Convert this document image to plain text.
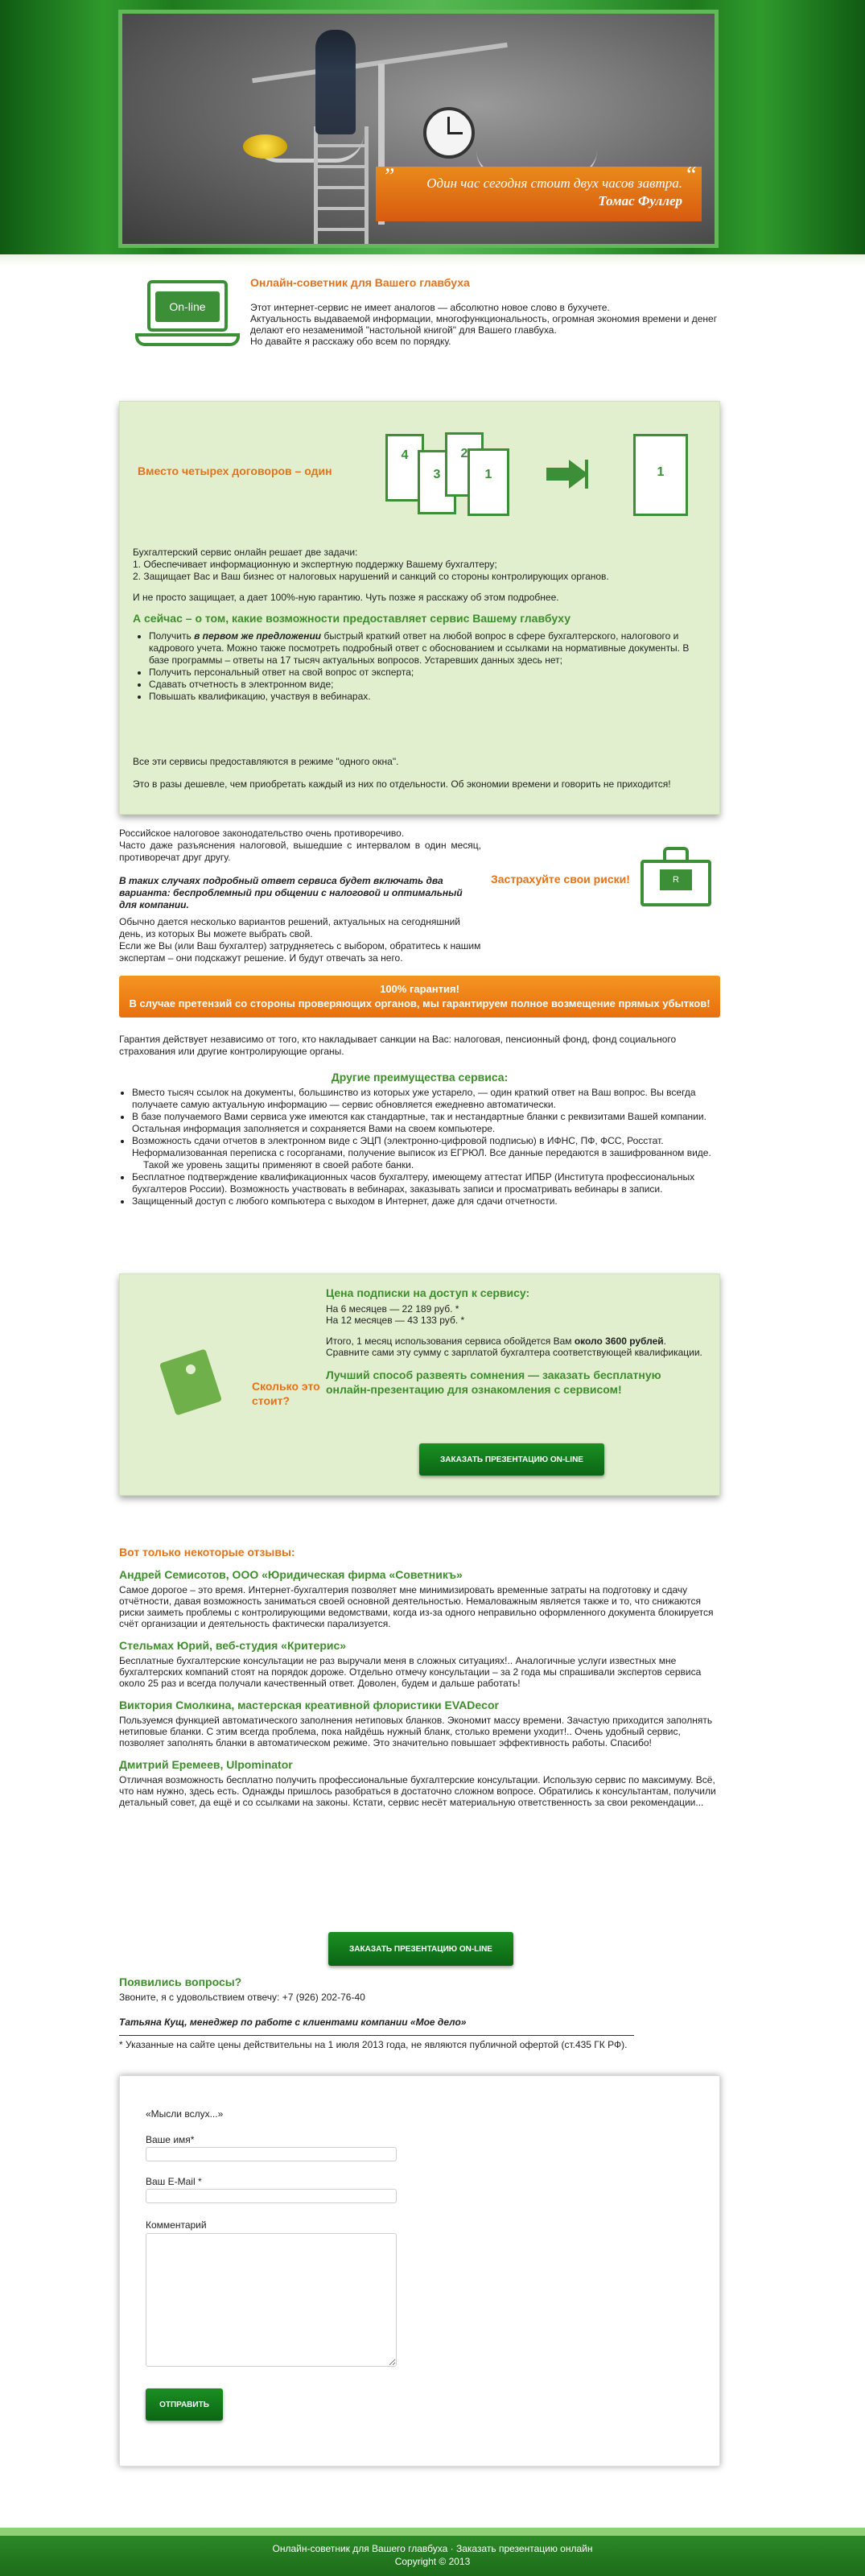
”	“
Один час сегодня стоит двух часов завтра.
Томас Фуллер
On-line
Онлайн-советник для Вашего главбуха

Этот интернет-сервис не имеет аналогов — абсолютно новое слово в бухучете.
Актуальность выдаваемой информации, многофункциональность, огромная экономия времени и денег делают его незаменимой "настольной книгой" для Вашего главбуха.
Но давайте я расскажу обо всем по порядку.

Вместо четырех договоров – один
4
3
2
1	1

Бухгалтерский сервис онлайн решает две задачи:
1. Обеспечивает информационную и экспертную поддержку Вашему бухгалтеру;
2. Защищает Вас и Ваш бизнес от налоговых нарушений и санкций со стороны контролирующих органов.

И не просто защищает, а дает 100%-ную гарантию. Чуть позже я расскажу об этом подробнее.

А сейчас – о том, какие возможности предоставляет сервис Вашему главбуху

• Получить в первом же предложении быстрый краткий ответ на любой вопрос в сфере бухгалтерского, налогового и кадрового учета. Можно также посмотреть подробный ответ с обоснованием и ссылками на нормативные документы. В базе программы – ответы на 17 тысяч актуальных вопросов. Устаревших данных здесь нет;
• Получить персональный ответ на свой вопрос от эксперта;
• Сдавать отчетность в электронном виде;
• Повышать квалификацию, участвуя в вебинарах.

Все эти сервисы предоставляются в режиме "одного окна".

Это в разы дешевле, чем приобретать каждый из них по отдельности. Об экономии времени и говорить не приходится!

Российское налоговое законодательство очень противоречиво.

Часто даже разъяснения налоговой, вышедшие с интервалом в один месяц, противоречат друг другу.

В таких случаях подробный ответ сервиса будет включать два варианта: беспроблемный при общении с налоговой и оптимальный для компании.

Обычно дается несколько вариантов решений, актуальных на сегодняшний день, из которых Вы можете выбрать свой.

Если же Вы (или Ваш бухгалтер) затрудняетесь с выбором, обратитесь к нашим экспертам – они подскажут решение. И будут отвечать за него.

Застрахуйте свои риски!	R
100% гарантия!
В случае претензий со стороны проверяющих органов, мы гарантируем полное возмещение прямых убытков!

Гарантия действует независимо от того, кто накладывает санкции на Вас: налоговая, пенсионный фонд, фонд социального страхования или другие контролирующие органы.

Другие преимущества сервиса:
• Вместо тысяч ссылок на документы, большинство из которых уже устарело, — один краткий ответ на Ваш вопрос. Вы всегда получаете самую актуальную информацию — сервис обновляется ежедневно автоматически.
• В базе получаемого Вами сервиса уже имеются как стандартные, так и нестандартные бланки с реквизитами Вашей компании. Остальная информация заполняется и сохраняется Вами на своем компьютере.
• Возможность сдачи отчетов в электронном виде с ЭЦП (электронно-цифровой подписью) в ИФНС, ПФ, ФСС, Росстат. Неформализованная переписка с госорганами, получение выписок из ЕГРЮЛ. Все данные передаются в зашифрованном виде.

Такой же уровень защиты применяют в своей работе банки.
• Бесплатное подтверждение квалификационных часов бухгалтеру, имеющему аттестат ИПБР (Института профессиональных бухгалтеров России). Возможность участвовать в вебинарах, заказывать записи и просматривать вебинары в записи.
• Защищенный доступ с любого компьютера с выходом в Интернет, даже для сдачи отчетности.
Сколько это стоит?
Цена подписки на доступ к сервису:

На 6 месяцев — 22 189 руб. *

На 12 месяцев — 43 133 руб. *

Итого, 1 месяц использования сервиса обойдется Вам около 3600 рублей. Сравните сами эту сумму с зарплатой бухгалтера соответствующей квалификации.

Лучший способ развеять сомнения — заказать бесплатную онлайн-презентацию для ознакомления с сервисом!

ЗАКАЗАТЬ ПРЕЗЕНТАЦИЮ ON-LINE
Вот только некоторые отзывы:
Андрей Семисотов, ООО «Юридическая фирма «Советникъ»

Самое дорогое – это время. Интернет-бухгалтерия позволяет мне минимизировать временные затраты на подготовку и сдачу отчётности, давая возможность заниматься своей основной деятельностью. Немаловажным является также и то, что снижаются риски заиметь проблемы с контролирующими ведомствами, когда из-за одного неправильно оформленного документа блокируется счёт организации и деятельность фактически парализуется.

Стельмах Юрий, веб-студия «Критерис»

Бесплатные бухгалтерские консультации не раз выручали меня в сложных ситуациях!.. Аналогичные услуги известных мне бухгалтерских компаний стоят на порядок дороже. Отдельно отмечу консультации – за 2 года мы спрашивали экспертов сервиса около 25 раз и всегда получали качественный ответ. Доволен, будем и дальше работать!

Виктория Смолкина, мастерская креативной флористики EVADecor

Пользуемся функцией автоматического заполнения нетиповых бланков. Экономит массу времени. Зачастую приходится заполнять нетиповые бланки. С этим всегда проблема, пока найдёшь нужный бланк, столько времени уходит!.. Очень удобный сервис, позволяет заполнять бланки в автоматическом режиме. Это значительно повышает эффективность работы. Спасибо!

Дмитрий Еремеев, Ulpominator

Отличная возможность бесплатно получить профессиональные бухгалтерские консультации. Использую сервис по максимуму. Всё, что нам нужно, здесь есть. Однажды пришлось разобраться в достаточно сложном вопросе. Обратились к консультантам, получили детальный совет, да ещё и со ссылками на законы. Кстати, сервис несёт материальную ответственность за свои рекомендации...

ЗАКАЗАТЬ ПРЕЗЕНТАЦИЮ ON-LINE
Появились вопросы?

Звоните, я с удовольствием отвечу: +7 (926) 202-76-40

Татьяна Кущ, менеджер по работе с клиентами компании «Мое дело»

* Указанные на сайте цены действительны на 1 июля 2013 года, не являются публичной офертой (ст.435 ГК РФ).

«Мысли вслух...»
Ваше имя*
Ваш E-Mail *
Комментарий
ОТПРАВИТЬ
Онлайн-советник для Вашего главбуха · Заказать презентацию онлайн
Copyright © 2013
